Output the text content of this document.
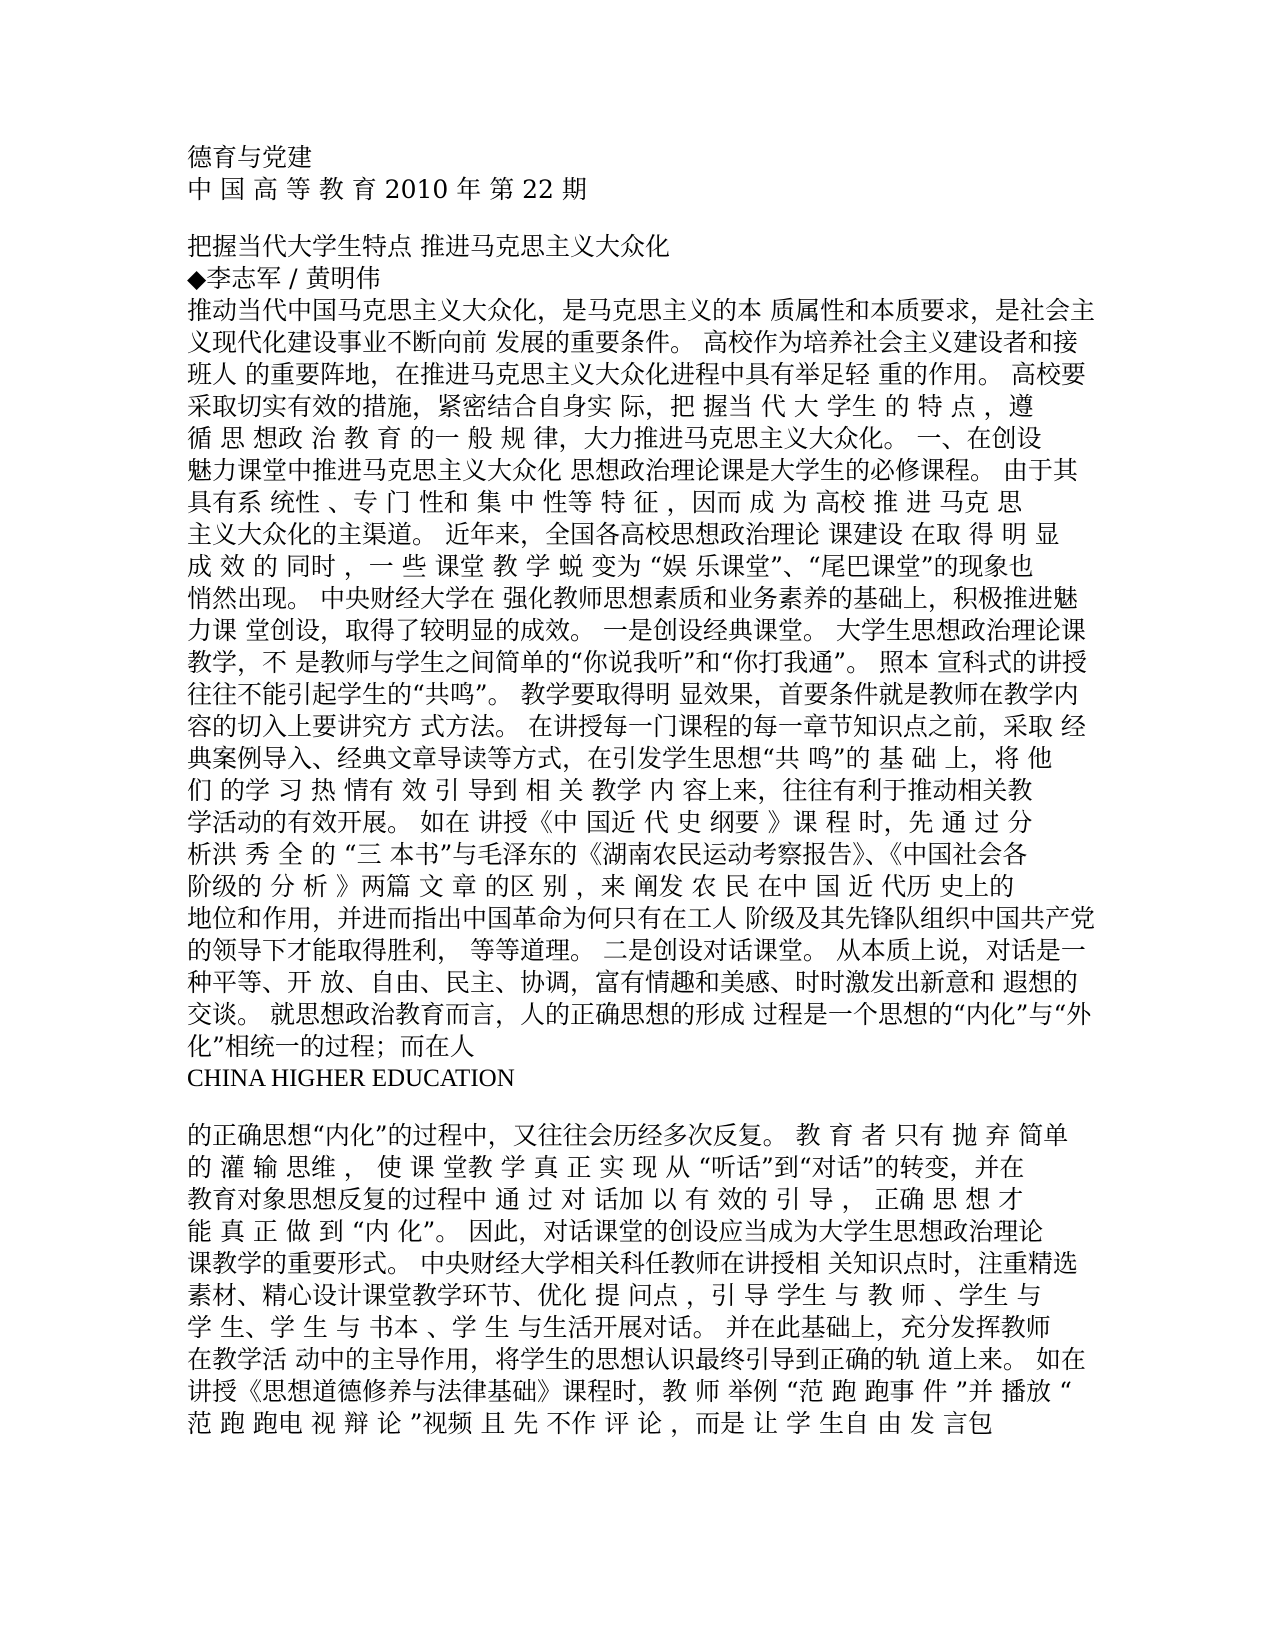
德育与党建
中 国 高 等 教 育 2010 年 第 22 期
把握当代大学生特点 推进马克思主义大众化
◆李志军 / 黄明伟
推动当代中国马克思主义大众化，是马克思主义的本 质属性和本质要求，是社会主
义现代化建设事业不断向前 发展的重要条件。 高校作为培养社会主义建设者和接
班人 的重要阵地，在推进马克思主义大众化进程中具有举足轻 重的作用。 高校要
采取切实有效的措施，紧密结合自身实 际，把 握当 代 大 学生 的 特 点 ，遵
循 思 想政 治 教 育 的一 般 规 律，大力推进马克思主义大众化。 一、在创设
魅力课堂中推进马克思主义大众化 思想政治理论课是大学生的必修课程。 由于其
具有系 统性 、专 门 性和 集 中 性等 特 征 ，因而 成 为 高校 推 进 马克 思
主义大众化的主渠道。 近年来，全国各高校思想政治理论 课建设 在取 得 明 显
成 效 的 同时 ，一 些 课堂 教 学 蜕 变为 “娱 乐课堂”、“尾巴课堂”的现象也
悄然出现。 中央财经大学在 强化教师思想素质和业务素养的基础上，积极推进魅
力课 堂创设，取得了较明显的成效。 一是创设经典课堂。 大学生思想政治理论课
教学，不 是教师与学生之间简单的“你说我听”和“你打我通”。 照本 宣科式的讲授
往往不能引起学生的“共鸣”。 教学要取得明 显效果，首要条件就是教师在教学内
容的切入上要讲究方 式方法。 在讲授每一门课程的每一章节知识点之前，采取 经
典案例导入、经典文章导读等方式，在引发学生思想“共 鸣”的 基 础 上，将 他
们 的学 习 热 情有 效 引 导到 相 关 教学 内 容上来，往往有利于推动相关教
学活动的有效开展。 如在 讲授《中 国近 代 史 纲要 》课 程 时，先 通 过 分
析洪 秀 全 的 “三 本书”与毛泽东的《湖南农民运动考察报告》、《中国社会各
阶级的 分 析 》两篇 文 章 的区 别 ，来 阐发 农 民 在中 国 近 代历 史上的
地位和作用，并进而指出中国革命为何只有在工人 阶级及其先锋队组织中国共产党
的领导下才能取得胜利， 等等道理。 二是创设对话课堂。 从本质上说，对话是一
种平等、开 放、自由、民主、协调，富有情趣和美感、时时激发出新意和 遐想的
交谈。 就思想政治教育而言，人的正确思想的形成 过程是一个思想的“内化”与“外
化”相统一的过程；而在人
CHINA HIGHER EDUCATION
的正确思想“内化”的过程中，又往往会历经多次反复。 教 育 者 只有 抛 弃 简单
的 灌 输 思维 ， 使 课 堂教 学 真 正 实 现 从 “听话”到“对话”的转变，并在
教育对象思想反复的过程中 通 过 对 话加 以 有 效的 引 导 ， 正确 思 想 才
能 真 正 做 到 “内 化”。 因此，对话课堂的创设应当成为大学生思想政治理论
课教学的重要形式。 中央财经大学相关科任教师在讲授相 关知识点时，注重精选
素材、精心设计课堂教学环节、优化 提 问点 ，引 导 学生 与 教 师 、学生 与
学 生、学 生 与 书本 、学 生 与生活开展对话。 并在此基础上，充分发挥教师
在教学活 动中的主导作用，将学生的思想认识最终引导到正确的轨 道上来。 如在
讲授《思想道德修养与法律基础》课程时，教 师 举例 “范 跑 跑事 件 ”并 播放 “
范 跑 跑电 视 辩 论 ”视频 且 先 不作 评 论 ，而是 让 学 生自 由 发 言包
